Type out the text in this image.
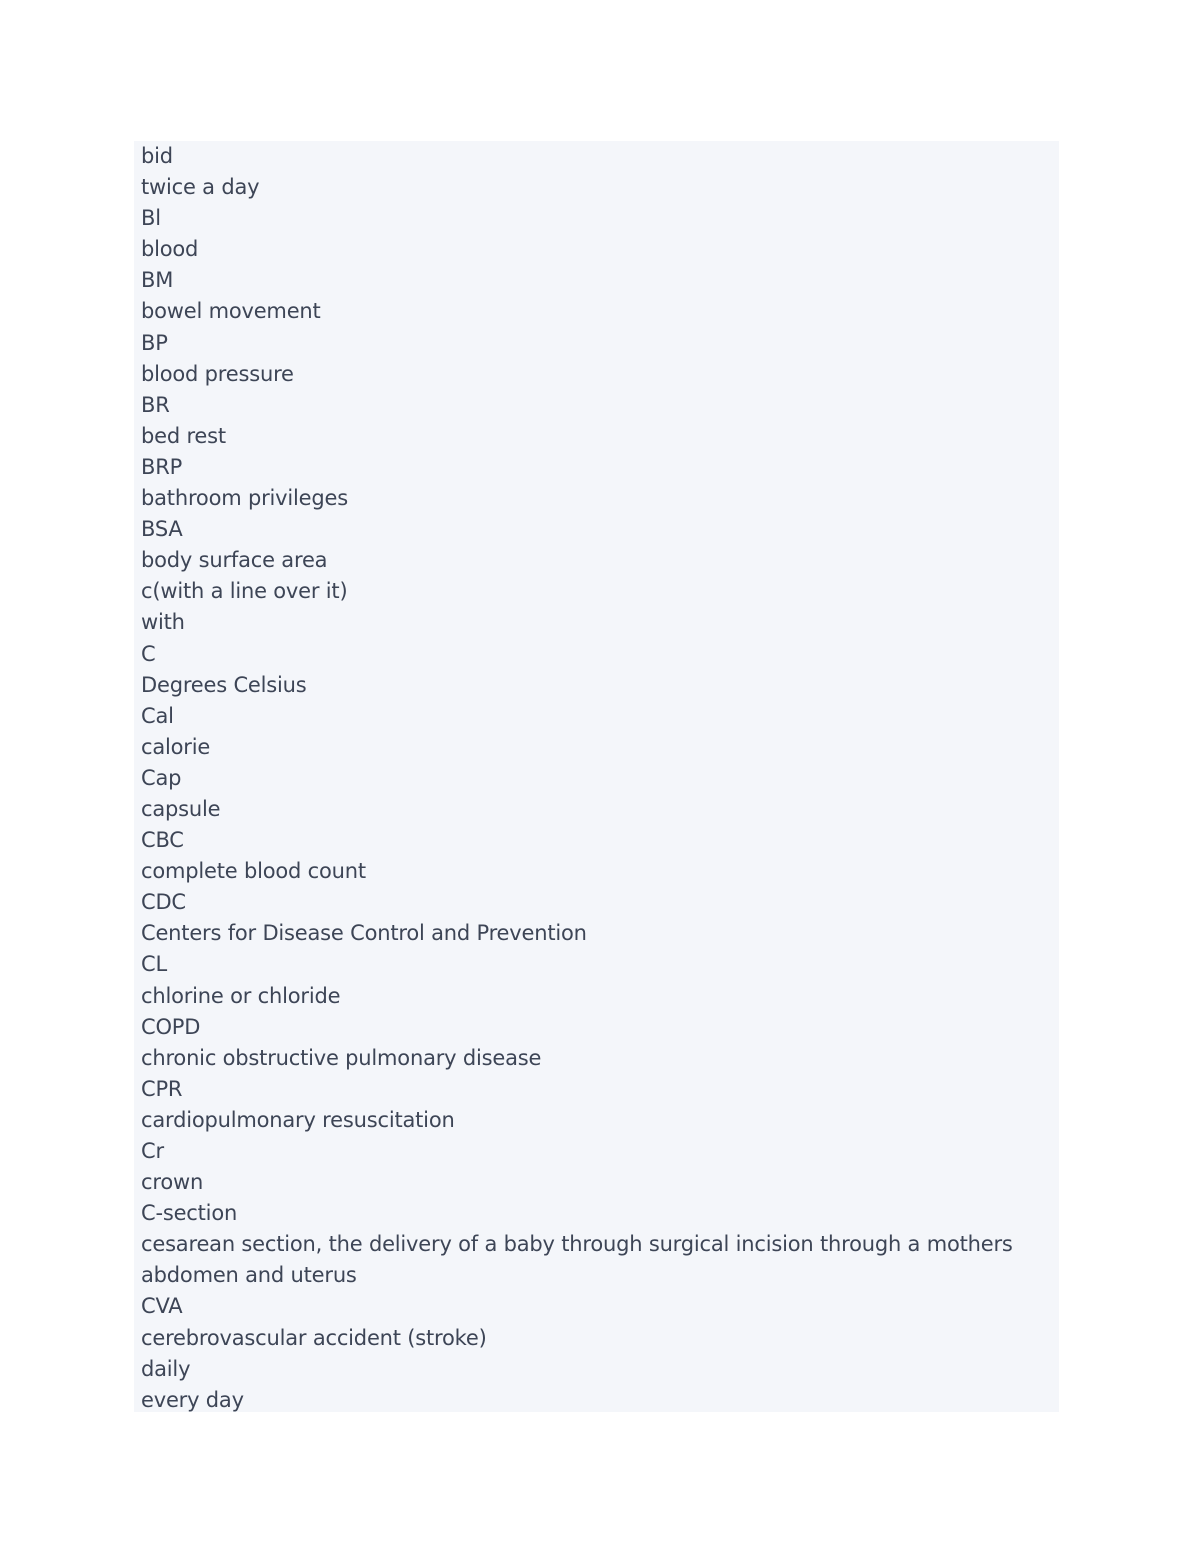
bid
twice a day
Bl
blood
BM
bowel movement
BP
blood pressure
BR
bed rest
BRP
bathroom privileges
BSA
body surface area
c(with a line over it)
with
C
Degrees Celsius
Cal
calorie
Cap
capsule
CBC
complete blood count
CDC
Centers for Disease Control and Prevention
CL
chlorine or chloride
COPD
chronic obstructive pulmonary disease
CPR
cardiopulmonary resuscitation
Cr
crown
C-section
cesarean section, the delivery of a baby through surgical incision through a mothers
abdomen and uterus
CVA
cerebrovascular accident (stroke)
daily
every day
